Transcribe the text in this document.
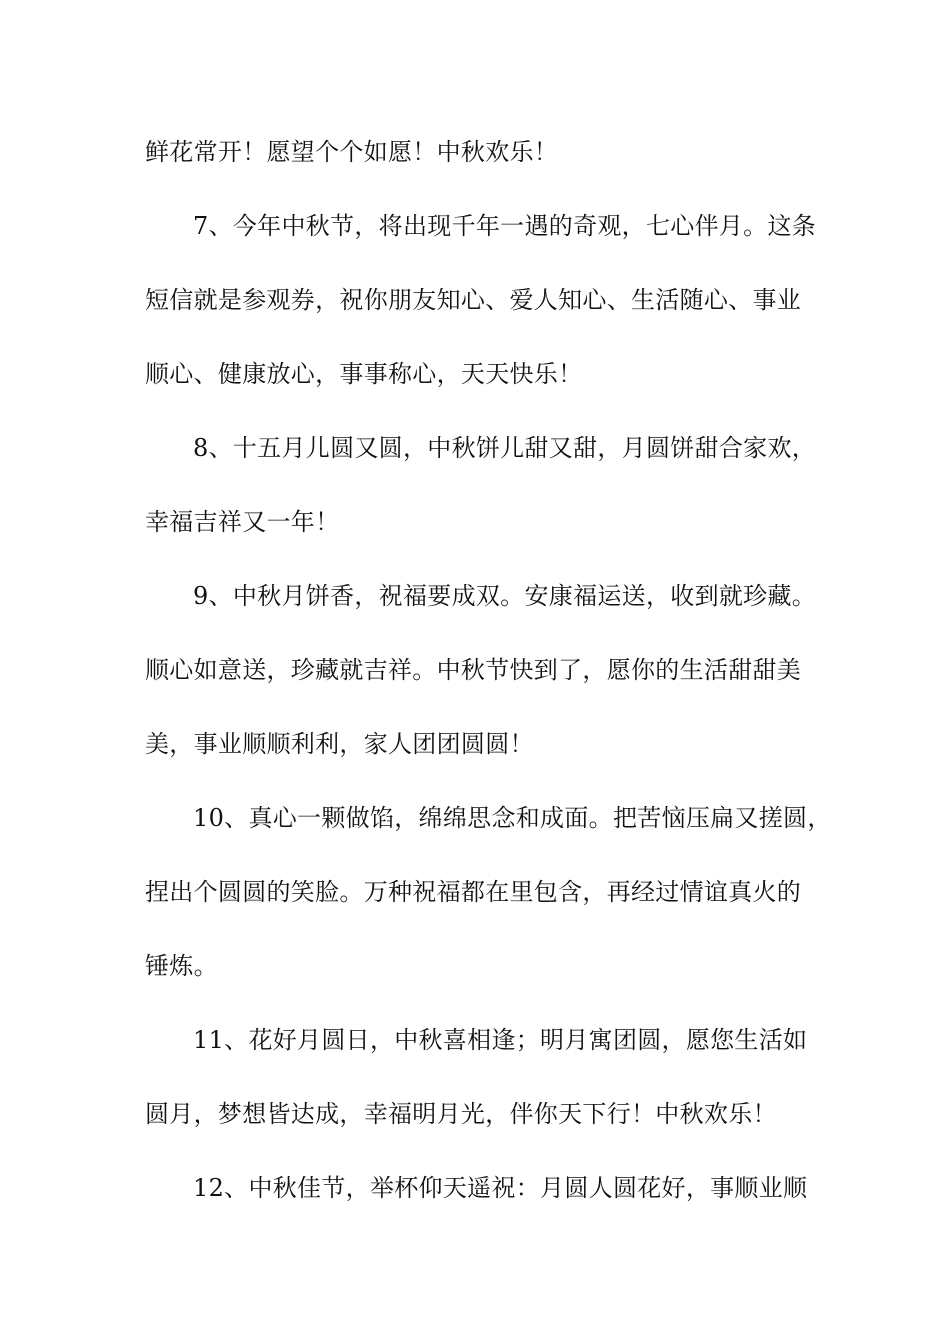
鲜花常开！愿望个个如愿！中秋欢乐！
7、今年中秋节，将出现千年一遇的奇观，七心伴月。这条
短信就是参观券，祝你朋友知心、爱人知心、生活随心、事业
顺心、健康放心，事事称心，天天快乐！
8、十五月儿圆又圆，中秋饼儿甜又甜，月圆饼甜合家欢，
幸福吉祥又一年！
9、中秋月饼香，祝福要成双。安康福运送，收到就珍藏。
顺心如意送，珍藏就吉祥。中秋节快到了，愿你的生活甜甜美
美，事业顺顺利利，家人团团圆圆！
10、真心一颗做馅，绵绵思念和成面。把苦恼压扁又搓圆，
捏出个圆圆的笑脸。万种祝福都在里包含，再经过情谊真火的
锤炼。
11、花好月圆日，中秋喜相逢；明月寓团圆，愿您生活如
圆月，梦想皆达成，幸福明月光，伴你天下行！中秋欢乐！
12、中秋佳节，举杯仰天遥祝：月圆人圆花好，事顺业顺
